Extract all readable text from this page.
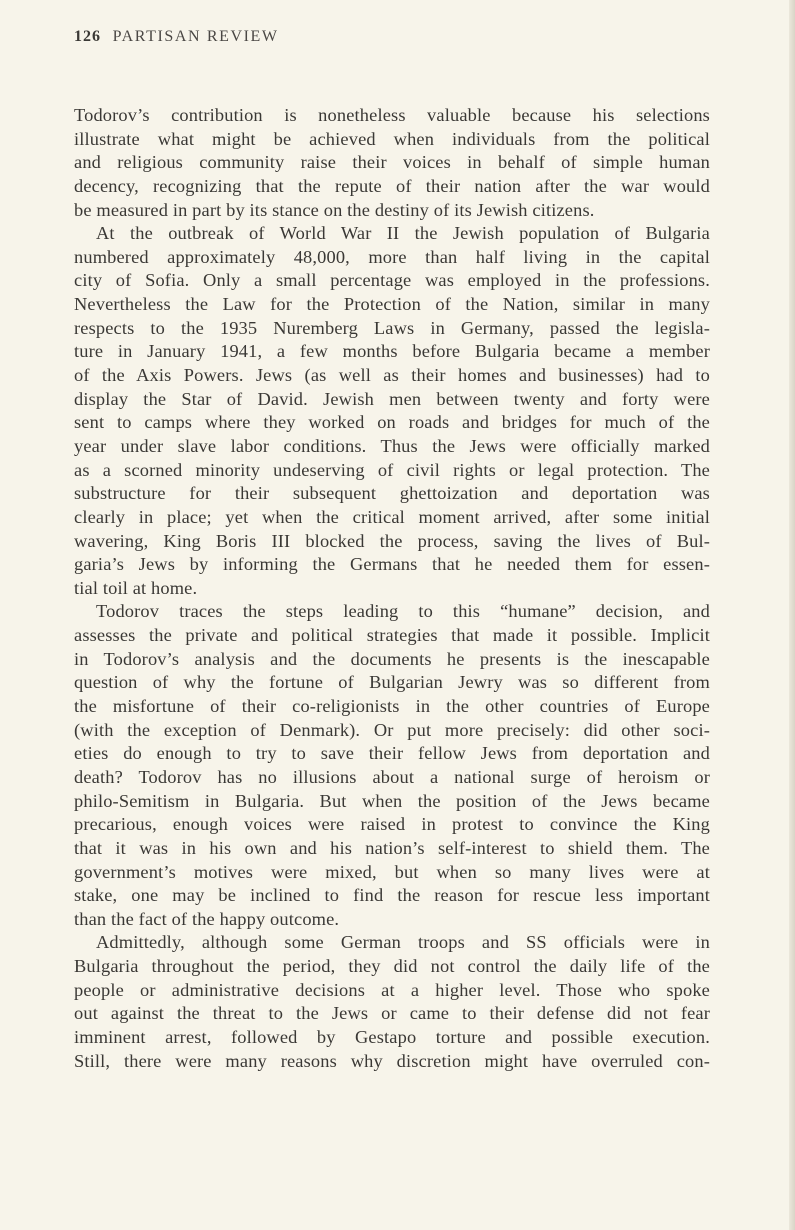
126 PARTISAN REVIEW
Todorov’s contribution is nonetheless valuable because his selections
illustrate what might be achieved when individuals from the political
and religious community raise their voices in behalf of simple human
decency, recognizing that the repute of their nation after the war would
be measured in part by its stance on the destiny of its Jewish citizens.
At the outbreak of World War II the Jewish population of Bulgaria
numbered approximately 48,000, more than half living in the capital
city of Sofia. Only a small percentage was employed in the professions.
Nevertheless the Law for the Protection of the Nation, similar in many
respects to the 1935 Nuremberg Laws in Germany, passed the legisla-
ture in January 1941, a few months before Bulgaria became a member
of the Axis Powers. Jews (as well as their homes and businesses) had to
display the Star of David. Jewish men between twenty and forty were
sent to camps where they worked on roads and bridges for much of the
year under slave labor conditions. Thus the Jews were officially marked
as a scorned minority undeserving of civil rights or legal protection. The
substructure for their subsequent ghettoization and deportation was
clearly in place; yet when the critical moment arrived, after some initial
wavering, King Boris III blocked the process, saving the lives of Bul-
garia’s Jews by informing the Germans that he needed them for essen-
tial toil at home.
Todorov traces the steps leading to this “humane” decision, and
assesses the private and political strategies that made it possible. Implicit
in Todorov’s analysis and the documents he presents is the inescapable
question of why the fortune of Bulgarian Jewry was so different from
the misfortune of their co-religionists in the other countries of Europe
(with the exception of Denmark). Or put more precisely: did other soci-
eties do enough to try to save their fellow Jews from deportation and
death? Todorov has no illusions about a national surge of heroism or
philo-Semitism in Bulgaria. But when the position of the Jews became
precarious, enough voices were raised in protest to convince the King
that it was in his own and his nation’s self-interest to shield them. The
government’s motives were mixed, but when so many lives were at
stake, one may be inclined to find the reason for rescue less important
than the fact of the happy outcome.
Admittedly, although some German troops and SS officials were in
Bulgaria throughout the period, they did not control the daily life of the
people or administrative decisions at a higher level. Those who spoke
out against the threat to the Jews or came to their defense did not fear
imminent arrest, followed by Gestapo torture and possible execution.
Still, there were many reasons why discretion might have overruled con-
